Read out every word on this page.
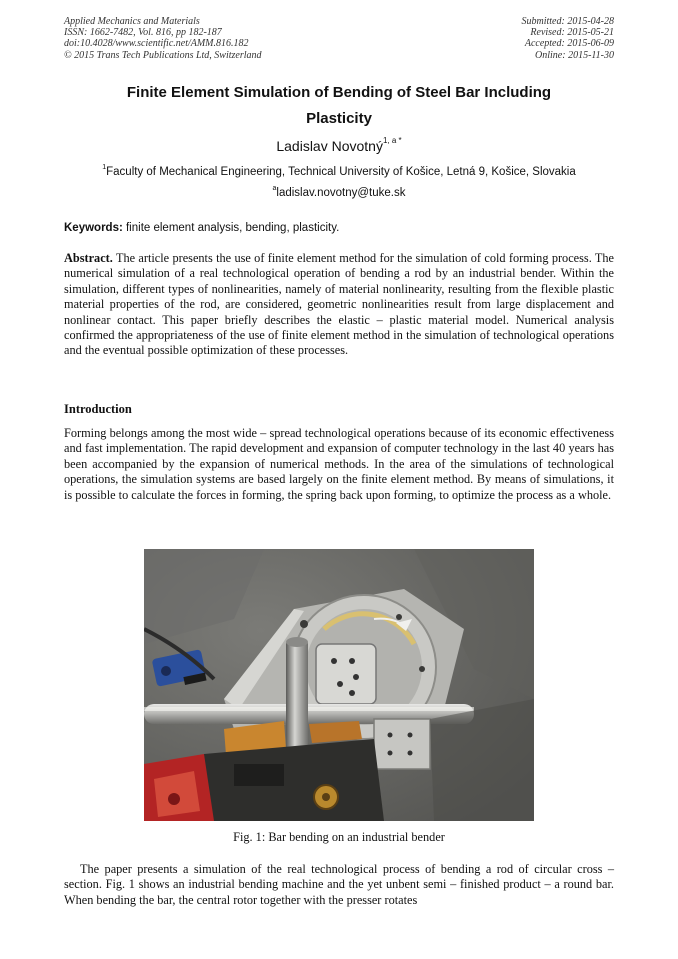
Applied Mechanics and Materials
ISSN: 1662-7482, Vol. 816, pp 182-187
doi:10.4028/www.scientific.net/AMM.816.182
© 2015 Trans Tech Publications Ltd, Switzerland
Submitted: 2015-04-28
Revised: 2015-05-21
Accepted: 2015-06-09
Online: 2015-11-30
Finite Element Simulation of Bending of Steel Bar Including
Plasticity
Ladislav Novotný$^{1, a *}$
$^1$Faculty of Mechanical Engineering, Technical University of Košice, Letná 9, Košice, Slovakia
$^a$ladislav.novotny@tuke.sk
Keywords: finite element analysis, bending, plasticity.

Abstract. The article presents the use of finite element method for the simulation of cold forming process. The numerical simulation of a real technological operation of bending a rod by an industrial bender. Within the simulation, different types of nonlinearities, namely of material nonlinearity, resulting from the flexible plastic material properties of the rod, are considered, geometric nonlinearities result from large displacement and nonlinear contact. This paper briefly describes the elastic – plastic material model. Numerical analysis confirmed the appropriateness of the use of finite element method in the simulation of technological operations and the eventual possible optimization of these processes.

Introduction

Forming belongs among the most wide – spread technological operations because of its economic effectiveness and fast implementation. The rapid development and expansion of computer technology in the last 40 years has been accompanied by the expansion of numerical methods. In the area of the simulations of technological operations, the simulation systems are based largely on the finite element method. By means of simulations, it is possible to calculate the forces in forming, the spring back upon forming, to optimize the process as a whole.

Fig. 1: Bar bending on an industrial bender

The paper presents a simulation of the real technological process of bending a rod of circular cross – section. Fig. 1 shows an industrial bending machine and the yet unbent semi – finished product – a round bar. When bending the bar, the central rotor together with the presser rotates
